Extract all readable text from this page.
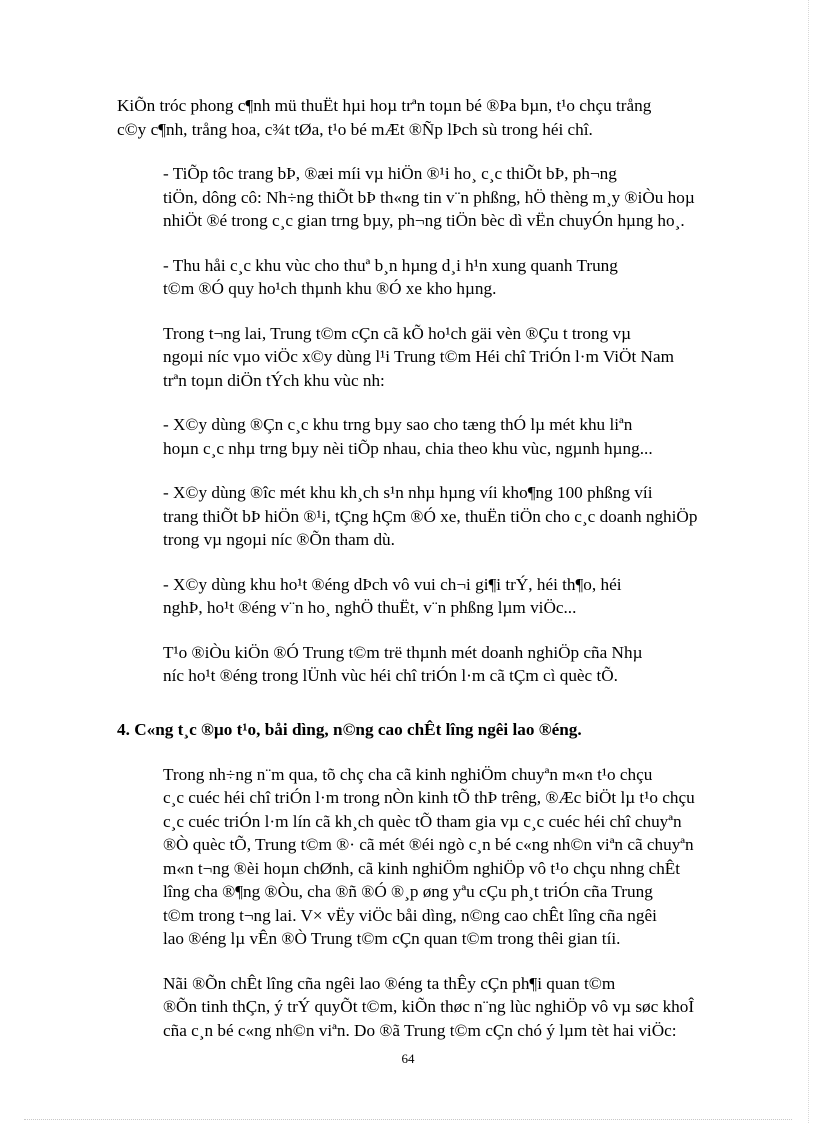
KiÕn tróc phong c¶nh mü thuËt hµi hoµ trªn toµn bé ®Þa bµn, t¹o chçu trång
c©y c¶nh, trång hoa, c¾t tØa, t¹o bé mÆt ®Ñp lÞch sù trong héi chî.

- TiÕp tôc trang bÞ, ®æi míi vµ hiÖn ®¹i ho¸ c¸c thiÕt bÞ, ph¬ng
tiÖn, dông cô: Nh÷ng thiÕt bÞ th«ng tin v¨n phßng, hÖ thèng m¸y ®iÒu hoµ
nhiÖt ®é trong c¸c gian trng bµy, ph¬ng tiÖn bèc dì vËn chuyÓn hµng ho¸.

- Thu håi c¸c khu vùc cho thuª b¸n hµng d¸i h¹n xung quanh Trung
t©m ®Ó quy ho¹ch thµnh khu ®Ó xe kho hµng.

Trong t¬ng lai, Trung t©m cÇn cã kÕ ho¹ch gäi vèn ®Çu t trong vµ
ngoµi níc vµo viÖc x©y dùng l¹i Trung t©m Héi chî TriÓn l·m ViÖt Nam
trªn toµn diÖn tÝch khu vùc nh:

- X©y dùng ®Çn c¸c khu trng bµy sao cho tæng thÓ lµ mét khu liªn
hoµn c¸c nhµ trng bµy nèi tiÕp nhau, chia theo khu vùc, ngµnh hµng...

- X©y dùng ®îc mét khu kh¸ch s¹n nhµ hµng víi kho¶ng 100 phßng víi
trang thiÕt bÞ hiÖn ®¹i, tÇng hÇm ®Ó xe, thuËn tiÖn cho c¸c doanh nghiÖp
trong vµ ngoµi níc ®Õn tham dù.

- X©y dùng khu ho¹t ®éng dÞch vô vui ch¬i gi¶i trÝ, héi th¶o, héi
nghÞ, ho¹t ®éng v¨n ho¸ nghÖ thuËt, v¨n phßng lµm viÖc...

T¹o ®iÒu kiÖn ®Ó Trung t©m trë thµnh mét doanh nghiÖp cña Nhµ
níc ho¹t ®éng trong lÜnh vùc héi chî triÓn l·m cã tÇm cì quèc tÕ.

4. C«ng t¸c ®µo t¹o, båi dìng, n©ng cao chÊt lîng ngêi lao ®éng.

Trong nh÷ng n¨m qua, tõ chç cha cã kinh nghiÖm chuyªn m«n t¹o chçu
c¸c cuéc héi chî triÓn l·m trong nÒn kinh tÕ thÞ trêng, ®Æc biÖt lµ t¹o chçu
c¸c cuéc triÓn l·m lín cã kh¸ch quèc tÕ tham gia vµ c¸c cuéc héi chî chuyªn
®Ò quèc tÕ, Trung t©m ®· cã mét ®éi ngò c¸n bé c«ng nh©n viªn cã chuyªn
m«n t¬ng ®èi hoµn chØnh, cã kinh nghiÖm nghiÖp vô t¹o chçu nhng chÊt
lîng cha ®¶ng ®Òu, cha ®ñ ®Ó ®¸p øng yªu cÇu ph¸t triÓn cña Trung
t©m trong t¬ng lai. V× vËy viÖc båi dìng, n©ng cao chÊt lîng cña ngêi
lao ®éng lµ vÊn ®Ò Trung t©m cÇn quan t©m trong thêi gian tíi.

Nãi ®Õn chÊt lîng cña ngêi lao ®éng ta thÊy cÇn ph¶i quan t©m
®Õn tinh thÇn, ý trÝ quyÕt t©m, kiÕn thøc n¨ng lùc nghiÖp vô vµ søc khoÎ
cña c¸n bé c«ng nh©n viªn. Do ®ã Trung t©m cÇn chó ý lµm tèt hai viÖc:

64
